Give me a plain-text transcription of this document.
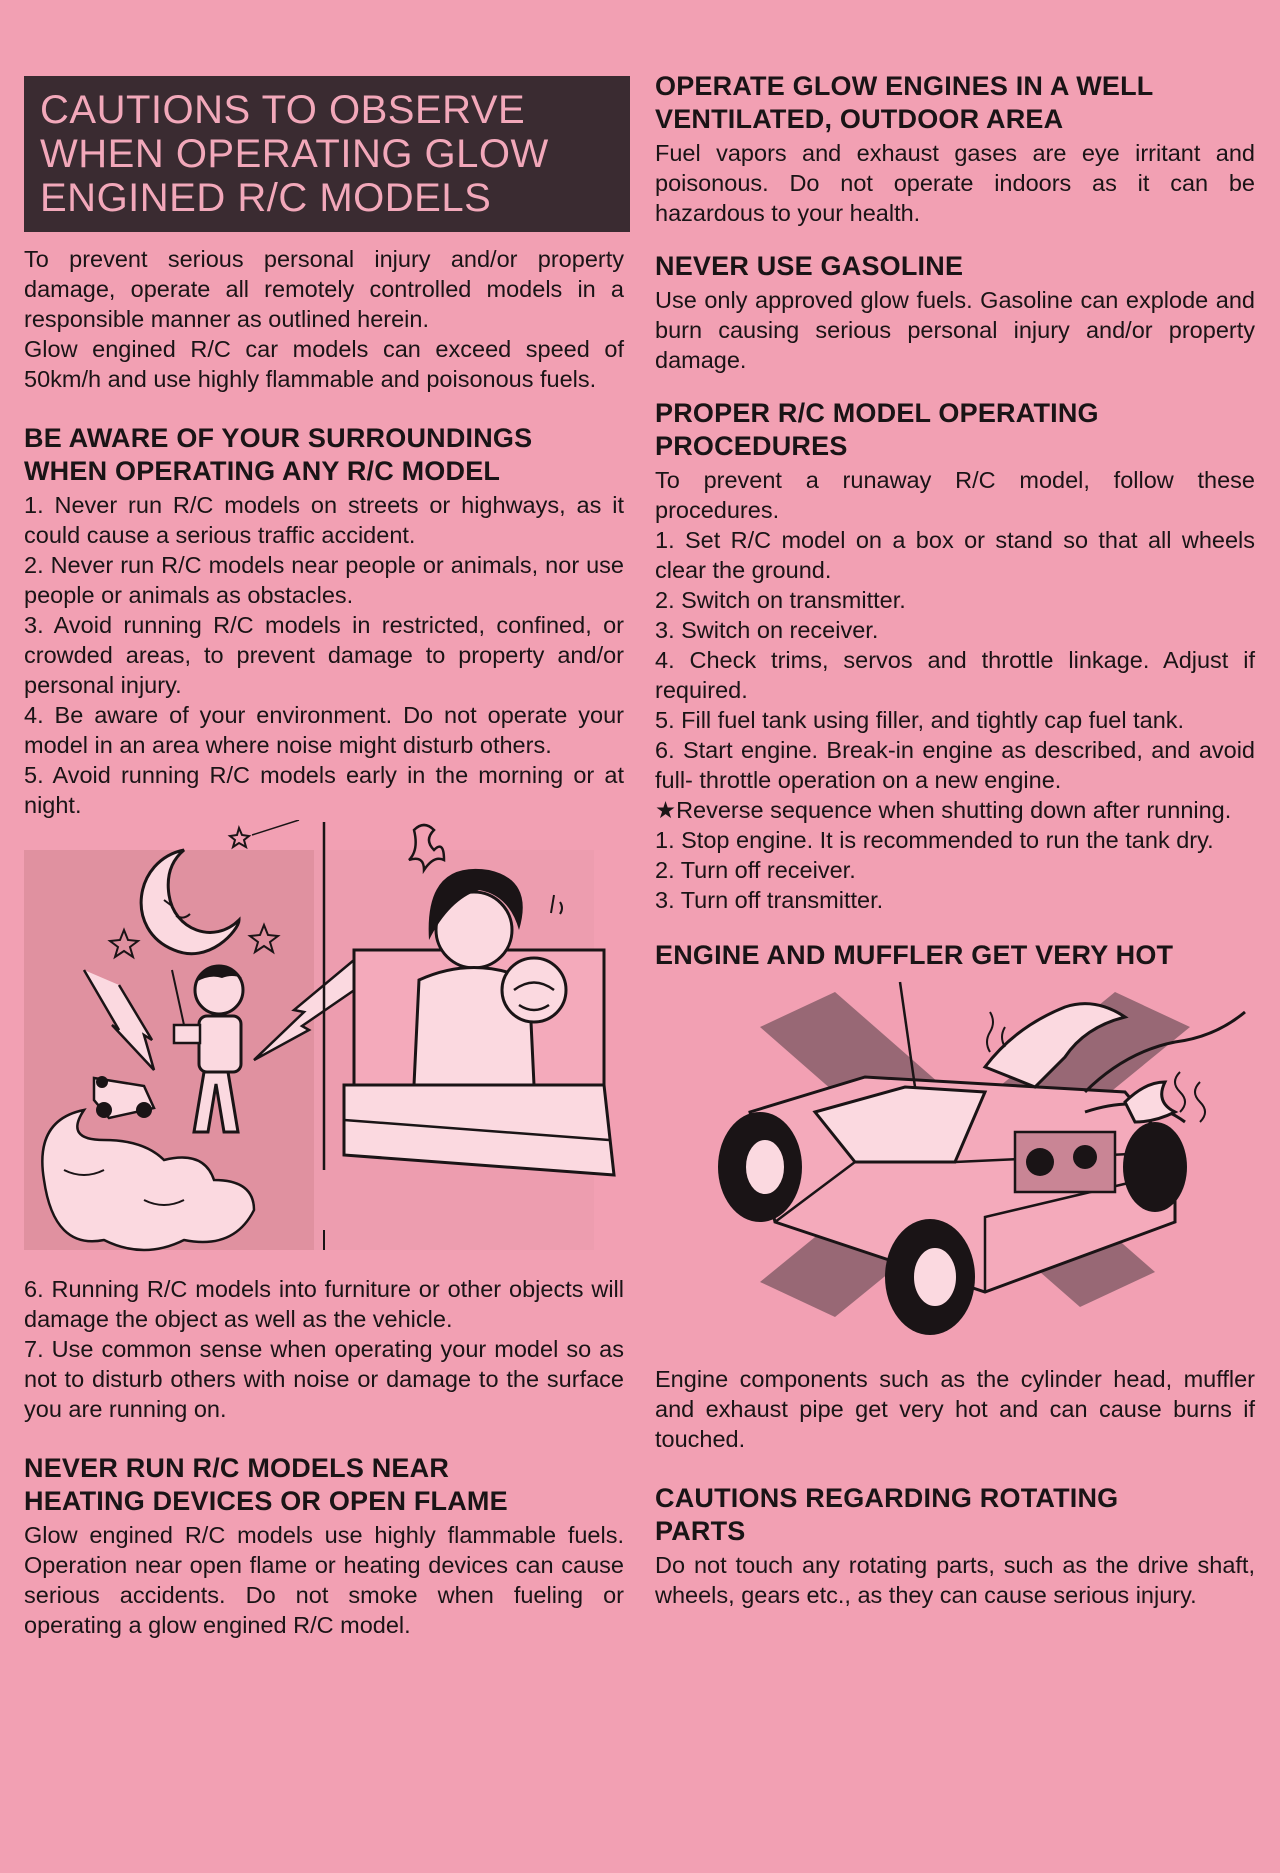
CAUTIONS TO OBSERVE
WHEN OPERATING GLOW
ENGINED R/C MODELS

To prevent serious personal injury and/or property damage, operate all remotely controlled models in a responsible manner as outlined herein.

Glow engined R/C car models can exceed speed of 50km/h and use highly flammable and poisonous fuels.

BE AWARE OF YOUR SURROUNDINGS
WHEN OPERATING ANY R/C MODEL

1. Never run R/C models on streets or highways, as it could cause a serious traffic accident.

2. Never run R/C models near people or animals, nor use people or animals as obstacles.

3. Avoid running R/C models in restricted, confined, or crowded areas, to prevent damage to property and/or personal injury.

4. Be aware of your environment. Do not operate your model in an area where noise might disturb others.

5. Avoid running R/C models early in the morning or at night.

6. Running R/C models into furniture or other objects will damage the object as well as the vehicle.

7. Use common sense when operating your model so as not to disturb others with noise or damage to the surface you are running on.

NEVER RUN R/C MODELS NEAR
HEATING DEVICES OR OPEN FLAME

Glow engined R/C models use highly flammable fuels. Operation near open flame or heating devices can cause serious accidents. Do not smoke when fueling or operating a glow engined R/C model.

OPERATE GLOW ENGINES IN A WELL
VENTILATED, OUTDOOR AREA

Fuel vapors and exhaust gases are eye irritant and poisonous. Do not operate indoors as it can be hazardous to your health.

NEVER USE GASOLINE

Use only approved glow fuels. Gasoline can explode and burn causing serious personal injury and/or property damage.

PROPER R/C MODEL OPERATING
PROCEDURES

To prevent a runaway R/C model, follow these procedures.

1. Set R/C model on a box or stand so that all wheels clear the ground.

2. Switch on transmitter.

3. Switch on receiver.

4. Check trims, servos and throttle linkage. Adjust if required.

5. Fill fuel tank using filler, and tightly cap fuel tank.

6. Start engine. Break-in engine as described, and avoid full- throttle operation on a new engine.

★Reverse sequence when shutting down after running.

1. Stop engine. It is recommended to run the tank dry.

2. Turn off receiver.

3. Turn off transmitter.

ENGINE AND MUFFLER GET VERY HOT

Engine components such as the cylinder head, muffler and exhaust pipe get very hot and can cause burns if touched.

CAUTIONS REGARDING ROTATING
PARTS

Do not touch any rotating parts, such as the drive shaft, wheels, gears etc., as they can cause serious injury.
